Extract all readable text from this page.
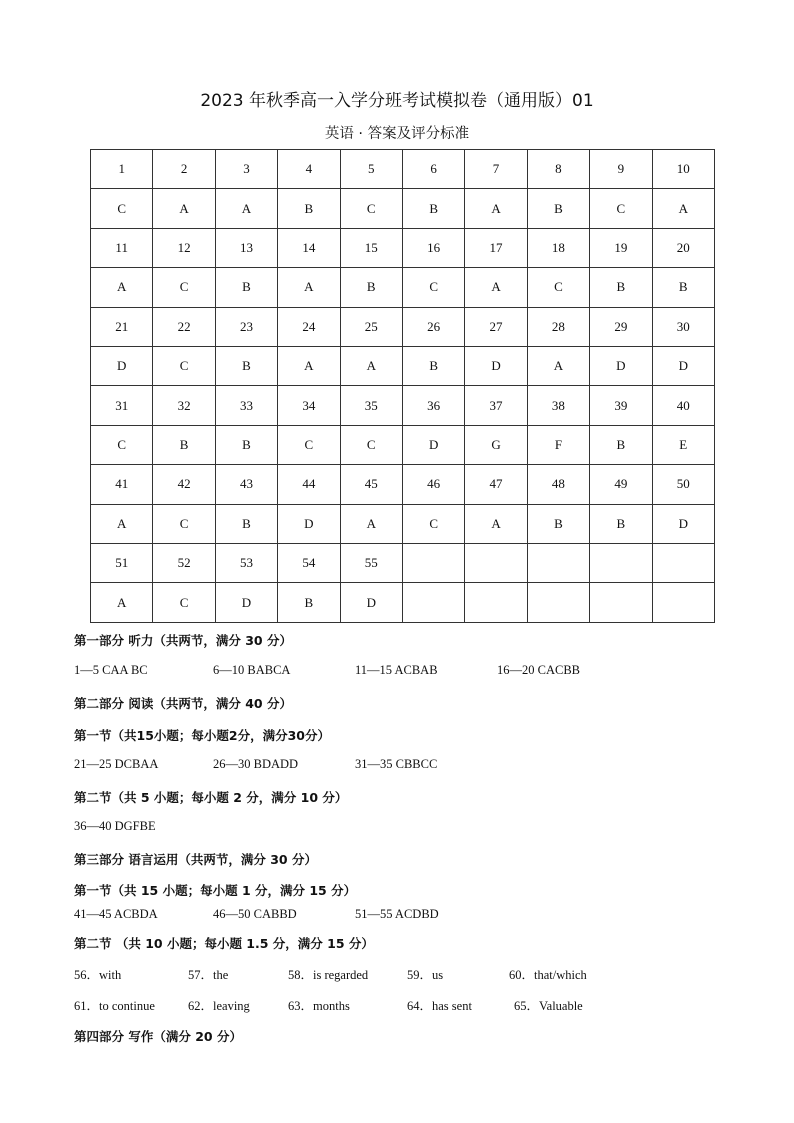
2023 年秋季高一入学分班考试模拟卷（通用版）01
英语 · 答案及评分标准
1	2	3	4	5	6	7	8	9	10
C	A	A	B	C	B	A	B	C	A
11	12	13	14	15	16	17	18	19	20
A	C	B	A	B	C	A	C	B	B
21	22	23	24	25	26	27	28	29	30
D	C	B	A	A	B	D	A	D	D
31	32	33	34	35	36	37	38	39	40
C	B	B	C	C	D	G	F	B	E
41	42	43	44	45	46	47	48	49	50
A	C	B	D	A	C	A	B	B	D
51	52	53	54	55					
A	C	D	B	D					
第一部分 听力（共两节，满分 30 分）
1—5 CAA BC	6—10 BABCA	11—15 ACBAB	16—20 CACBB
第二部分 阅读（共两节，满分 40 分）
第一节（共15小题；每小题2分，满分30分）
21—25 DCBAA	26—30 BDADD	31—35 CBBCC
第二节（共 5 小题；每小题 2 分，满分 10 分）
36—40 DGFBE
第三部分 语言运用（共两节，满分 30 分）
第一节（共 15 小题；每小题 1 分，满分 15 分）
41—45 ACBDA	46—50 CABBD	51—55 ACDBD
第二节 （共 10 小题；每小题 1.5 分，满分 15 分）
56．with	57．the	58．is regarded	59．us	60．that/which
61．to continue	62．leaving	63．months	64．has sent	65．Valuable
第四部分 写作（满分 20 分）
